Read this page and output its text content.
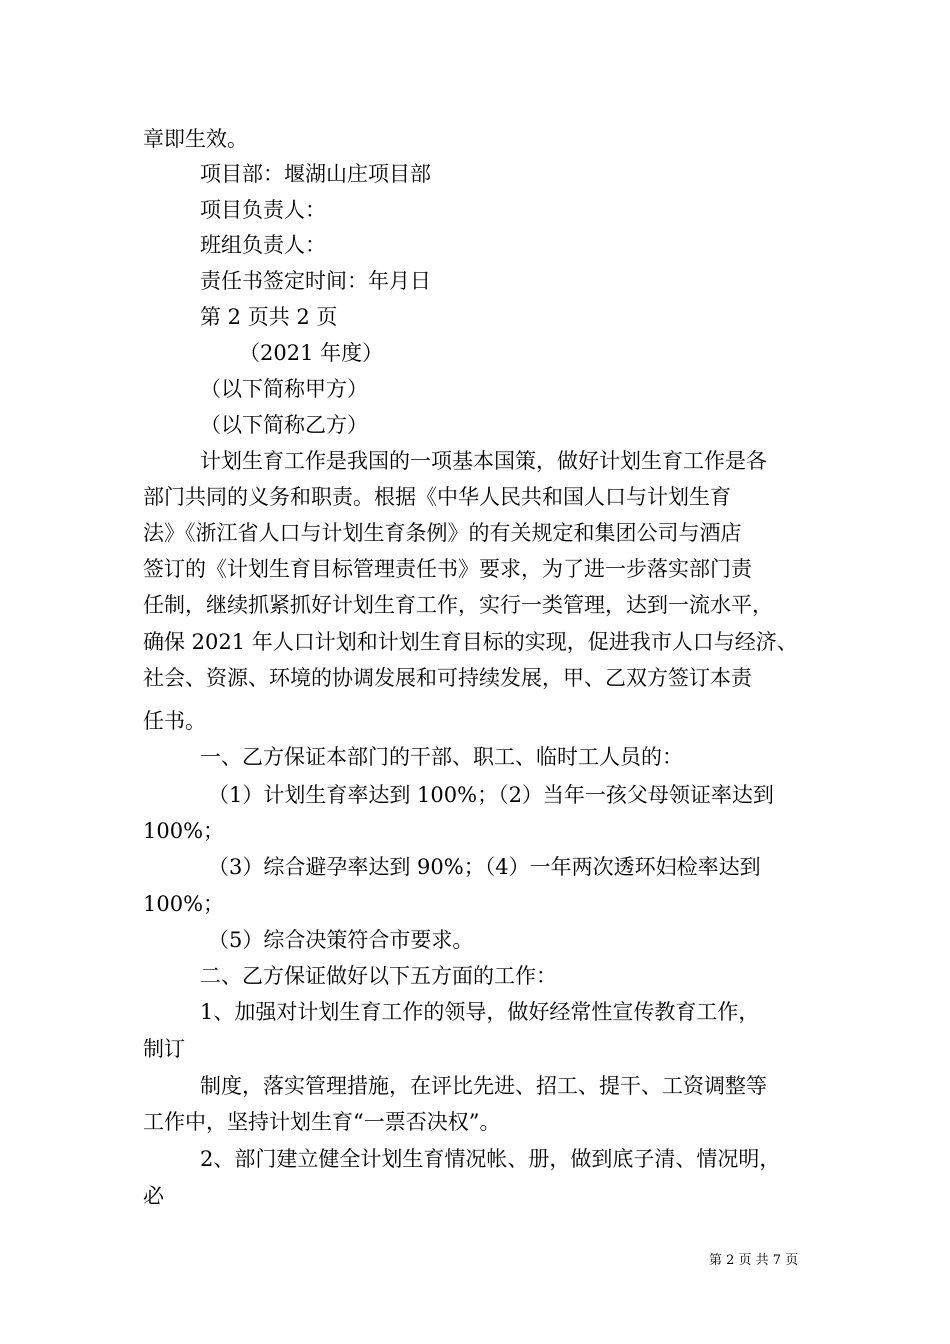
章即生效。
项目部：堰湖山庄项目部
项目负责人：
班组负责人：
责任书签定时间：年月日
第 2 页共 2 页
（2021 年度）
（以下简称甲方）
（以下简称乙方）
计划生育工作是我国的一项基本国策，做好计划生育工作是各
部门共同的义务和职责。根据《中华人民共和国人口与计划生育
法》《浙江省人口与计划生育条例》的有关规定和集团公司与酒店
签订的《计划生育目标管理责任书》要求，为了进一步落实部门责
任制，继续抓紧抓好计划生育工作，实行一类管理，达到一流水平，
确保 2021 年人口计划和计划生育目标的实现，促进我市人口与经济、
社会、资源、环境的协调发展和可持续发展，甲、乙双方签订本责
任书。
一、乙方保证本部门的干部、职工、临时工人员的：
（1）计划生育率达到 100%；（2）当年一孩父母领证率达到
100%；
（3）综合避孕率达到 90%；（4）一年两次透环妇检率达到
100%；
（5）综合决策符合市要求。
二、乙方保证做好以下五方面的工作：
1、加强对计划生育工作的领导，做好经常性宣传教育工作，
制订
制度，落实管理措施，在评比先进、招工、提干、工资调整等
工作中，坚持计划生育“一票否决权”。
2、部门建立健全计划生育情况帐、册，做到底子清、情况明，
必
第 2 页 共 7 页
